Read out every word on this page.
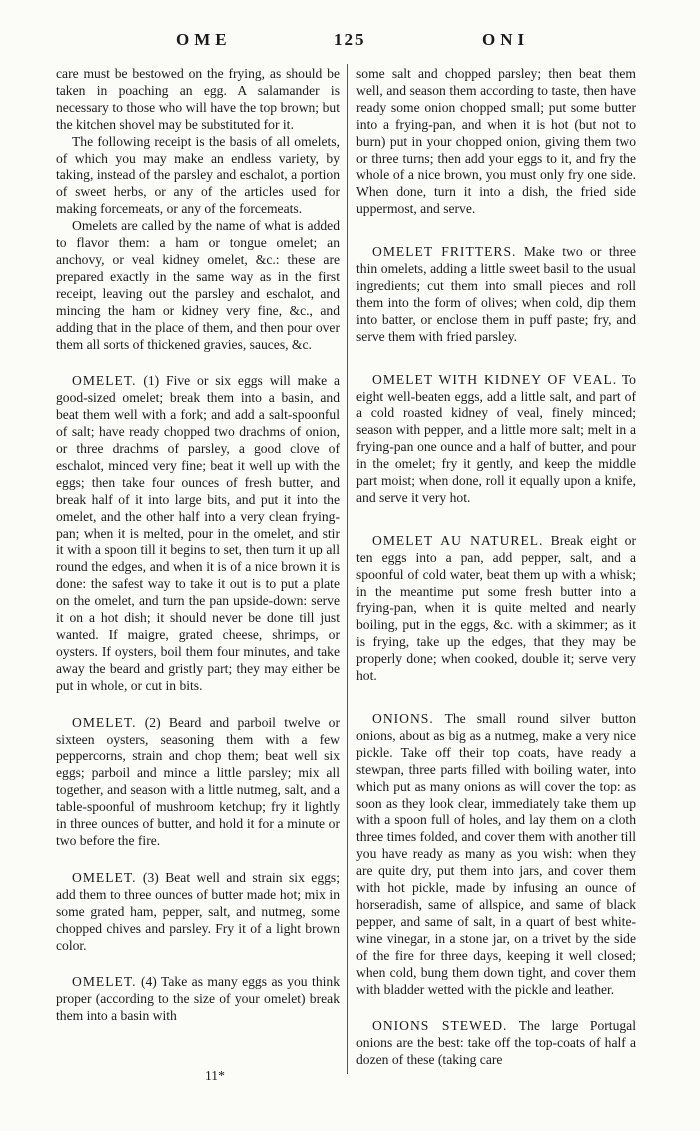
OME	125	ONI

care must be bestowed on the frying, as should be taken in poaching an egg. A salamander is necessary to those who will have the top brown; but the kitchen shovel may be substituted for it.

The following receipt is the basis of all omelets, of which you may make an endless variety, by taking, instead of the parsley and eschalot, a portion of sweet herbs, or any of the articles used for making forcemeats, or any of the forcemeats.

Omelets are called by the name of what is added to flavor them: a ham or tongue omelet; an anchovy, or veal kidney omelet, &c.: these are prepared exactly in the same way as in the first receipt, leaving out the parsley and eschalot, and mincing the ham or kidney very fine, &c., and adding that in the place of them, and then pour over them all sorts of thickened gravies, sauces, &c.

OMELET. (1) Five or six eggs will make a good-sized omelet; break them into a basin, and beat them well with a fork; and add a salt-spoonful of salt; have ready chopped two drachms of onion, or three drachms of parsley, a good clove of eschalot, minced very fine; beat it well up with the eggs; then take four ounces of fresh butter, and break half of it into large bits, and put it into the omelet, and the other half into a very clean frying-pan; when it is melted, pour in the omelet, and stir it with a spoon till it begins to set, then turn it up all round the edges, and when it is of a nice brown it is done: the safest way to take it out is to put a plate on the omelet, and turn the pan upside-down: serve it on a hot dish; it should never be done till just wanted. If maigre, grated cheese, shrimps, or oysters. If oysters, boil them four minutes, and take away the beard and gristly part; they may either be put in whole, or cut in bits.

OMELET. (2) Beard and parboil twelve or sixteen oysters, seasoning them with a few peppercorns, strain and chop them; beat well six eggs; parboil and mince a little parsley; mix all together, and season with a little nutmeg, salt, and a table-spoonful of mushroom ketchup; fry it lightly in three ounces of butter, and hold it for a minute or two before the fire.

OMELET. (3) Beat well and strain six eggs; add them to three ounces of butter made hot; mix in some grated ham, pepper, salt, and nutmeg, some chopped chives and parsley. Fry it of a light brown color.

OMELET. (4) Take as many eggs as you think proper (according to the size of your omelet) break them into a basin with

some salt and chopped parsley; then beat them well, and season them according to taste, then have ready some onion chopped small; put some butter into a frying-pan, and when it is hot (but not to burn) put in your chopped onion, giving them two or three turns; then add your eggs to it, and fry the whole of a nice brown, you must only fry one side. When done, turn it into a dish, the fried side uppermost, and serve.

OMELET FRITTERS. Make two or three thin omelets, adding a little sweet basil to the usual ingredients; cut them into small pieces and roll them into the form of olives; when cold, dip them into batter, or enclose them in puff paste; fry, and serve them with fried parsley.

OMELET WITH KIDNEY OF VEAL. To eight well-beaten eggs, add a little salt, and part of a cold roasted kidney of veal, finely minced; season with pepper, and a little more salt; melt in a frying-pan one ounce and a half of butter, and pour in the omelet; fry it gently, and keep the middle part moist; when done, roll it equally upon a knife, and serve it very hot.

OMELET AU NATUREL. Break eight or ten eggs into a pan, add pepper, salt, and a spoonful of cold water, beat them up with a whisk; in the meantime put some fresh butter into a frying-pan, when it is quite melted and nearly boiling, put in the eggs, &c. with a skimmer; as it is frying, take up the edges, that they may be properly done; when cooked, double it; serve very hot.

ONIONS. The small round silver button onions, about as big as a nutmeg, make a very nice pickle. Take off their top coats, have ready a stewpan, three parts filled with boiling water, into which put as many onions as will cover the top: as soon as they look clear, immediately take them up with a spoon full of holes, and lay them on a cloth three times folded, and cover them with another till you have ready as many as you wish: when they are quite dry, put them into jars, and cover them with hot pickle, made by infusing an ounce of horseradish, same of allspice, and same of black pepper, and same of salt, in a quart of best white-wine vinegar, in a stone jar, on a trivet by the side of the fire for three days, keeping it well closed; when cold, bung them down tight, and cover them with bladder wetted with the pickle and leather.

ONIONS STEWED. The large Portugal onions are the best: take off the top-coats of half a dozen of these (taking care

11*
